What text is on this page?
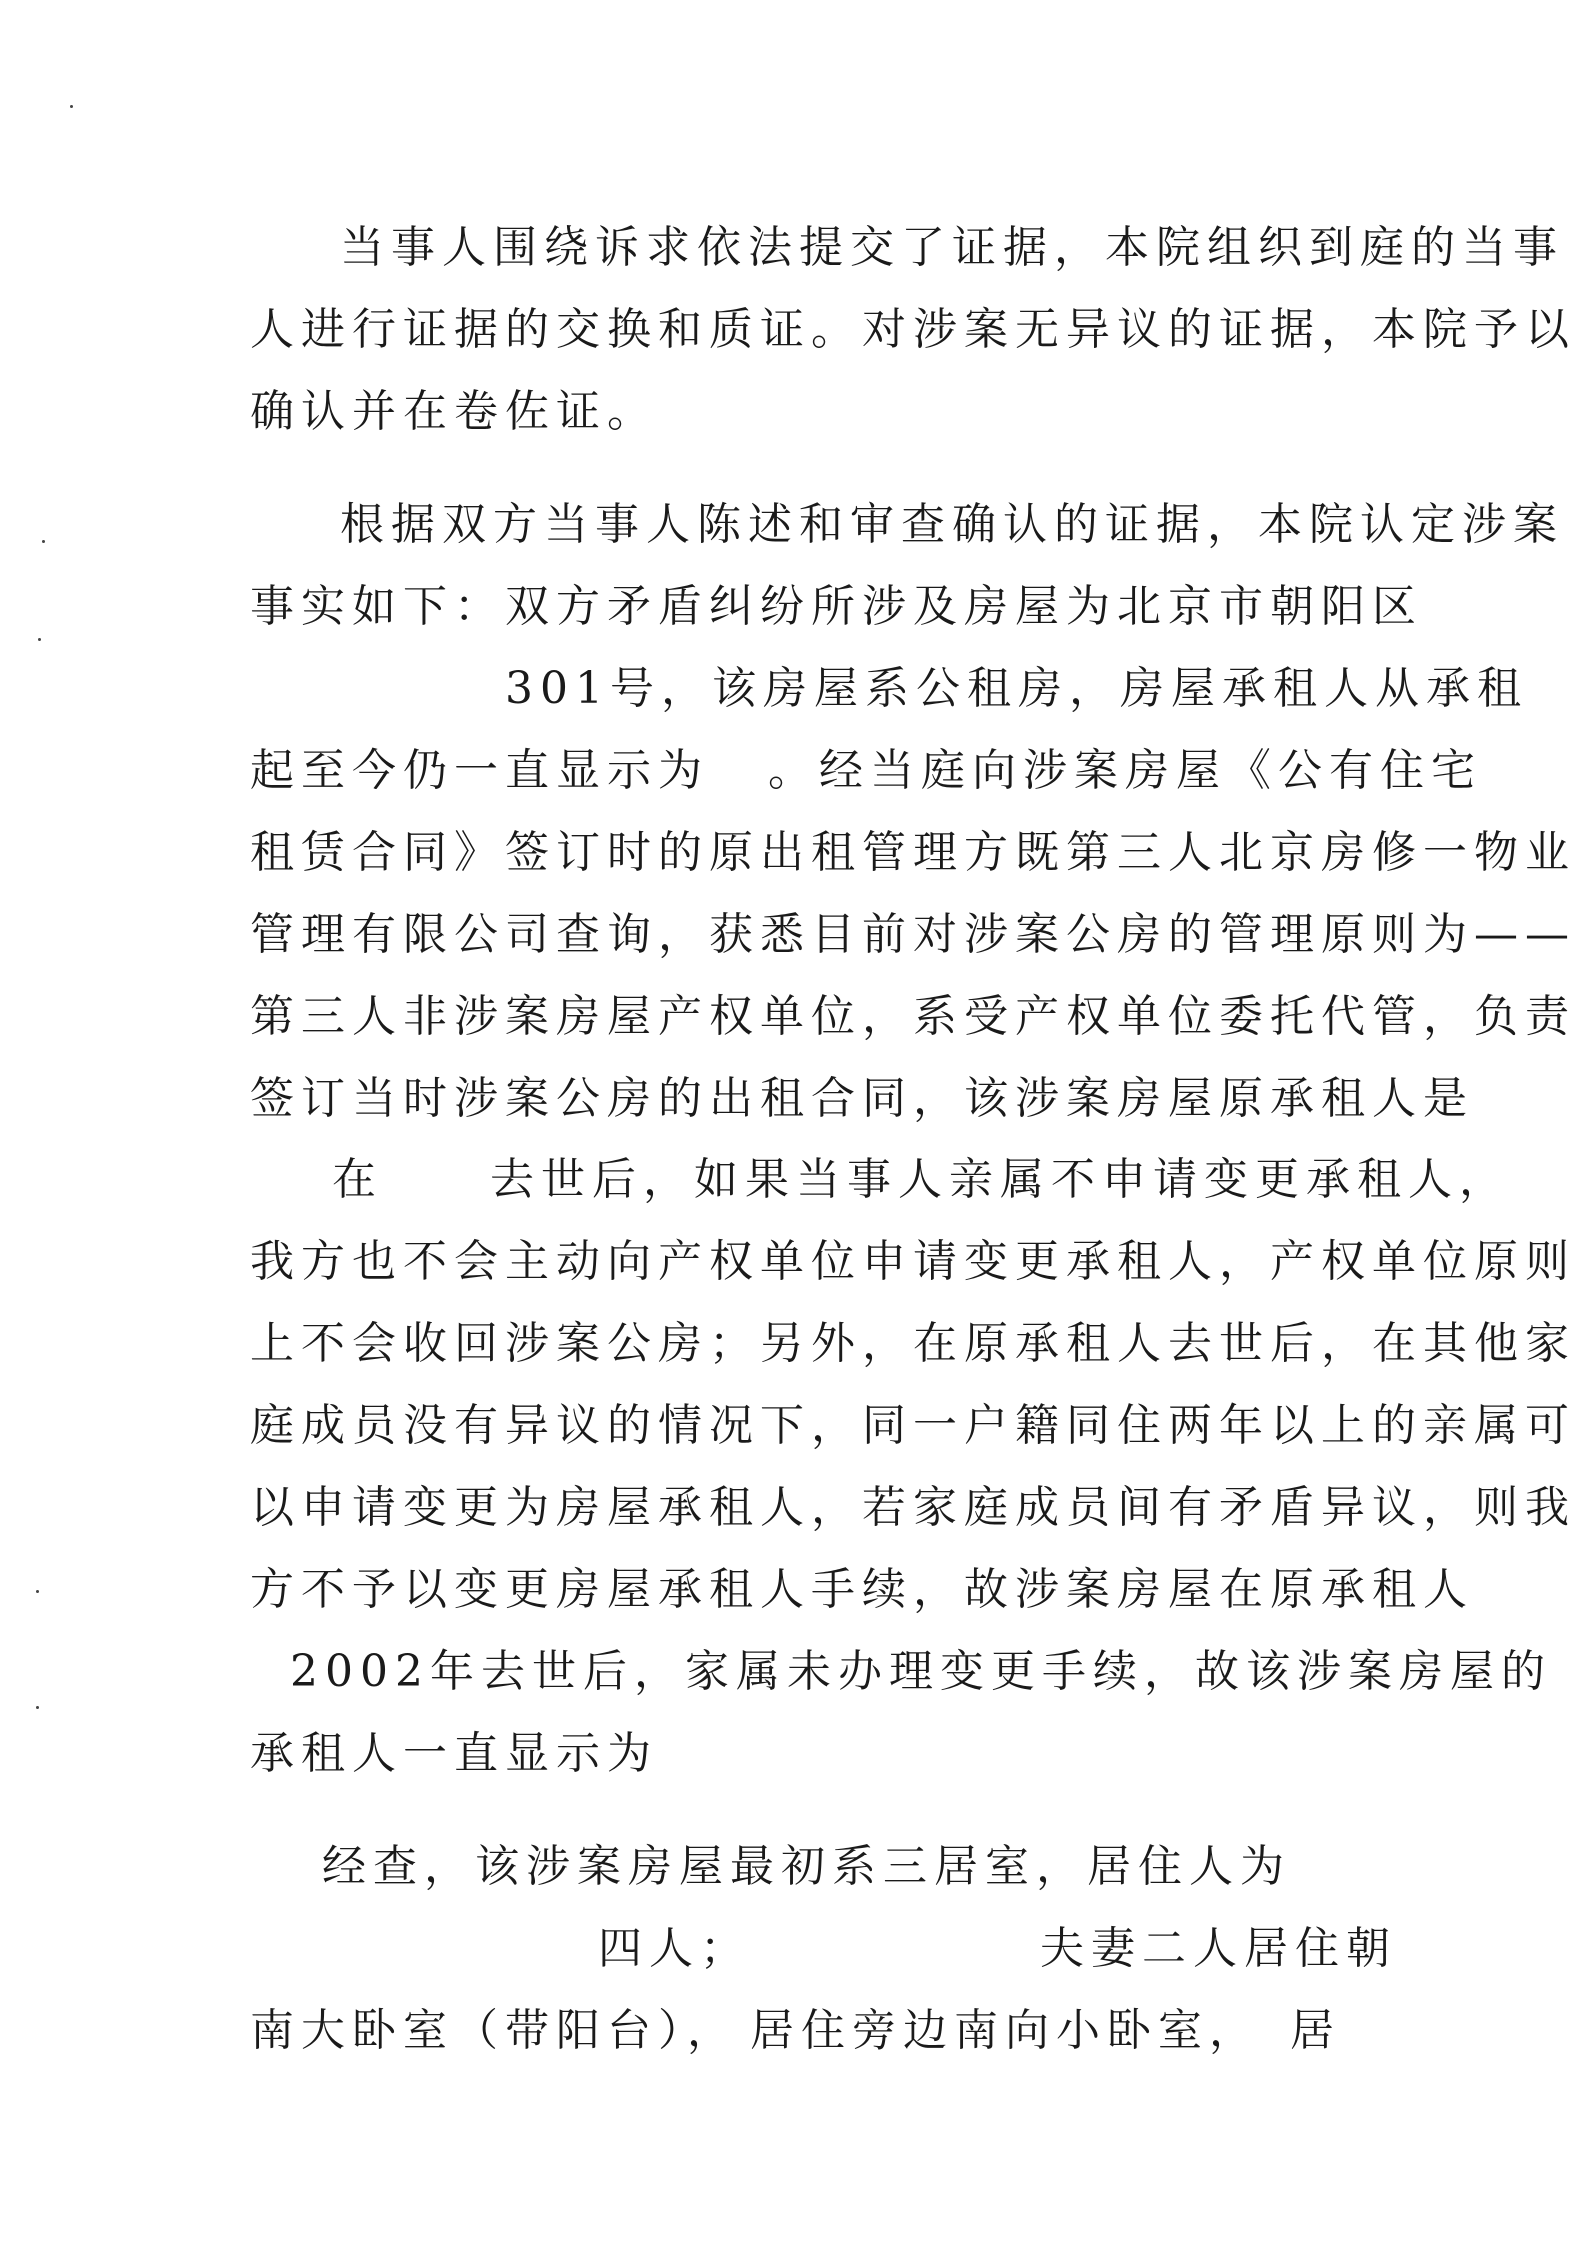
当事人围绕诉求依法提交了证据，本院组织到庭的当事
人进行证据的交换和质证。对涉案无异议的证据，本院予以
确认并在卷佐证。
根据双方当事人陈述和审查确认的证据，本院认定涉案
事实如下：双方矛盾纠纷所涉及房屋为北京市朝阳区
301号，该房屋系公租房，房屋承租人从承租
起至今仍一直显示为 。经当庭向涉案房屋《公有住宅
租赁合同》签订时的原出租管理方既第三人北京房修一物业
管理有限公司查询，获悉目前对涉案公房的管理原则为——
第三人非涉案房屋产权单位，系受产权单位委托代管，负责
签订当时涉案公房的出租合同，该涉案房屋原承租人是
在 去世后，如果当事人亲属不申请变更承租人，
我方也不会主动向产权单位申请变更承租人，产权单位原则
上不会收回涉案公房；另外，在原承租人去世后，在其他家
庭成员没有异议的情况下，同一户籍同住两年以上的亲属可
以申请变更为房屋承租人，若家庭成员间有矛盾异议，则我
方不予以变更房屋承租人手续，故涉案房屋在原承租人
2002年去世后，家属未办理变更手续，故该涉案房屋的
承租人一直显示为
经查，该涉案房屋最初系三居室，居住人为
四人；	夫妻二人居住朝
南大卧室（带阳台）， 居住旁边南向小卧室， 居
